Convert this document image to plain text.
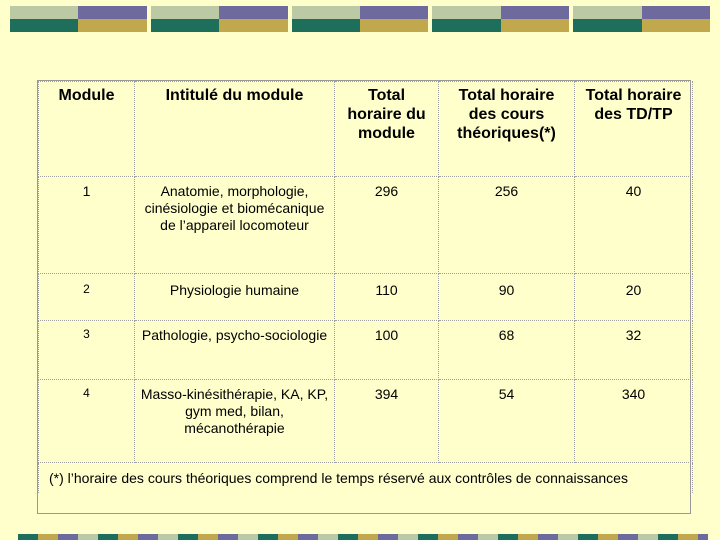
Module	Intitulé du module	Total horaire du module	Total horaire des cours théoriques(*)	Total horaire des TD/TP
1	Anatomie, morphologie, cinésiologie et biomécanique de l’appareil locomoteur	296	256	40
2	Physiologie humaine	110	90	20
3	Pathologie, psycho-sociologie	100	68	32
4	Masso-kinésithérapie, KA, KP, gym med, bilan, mécanothérapie	394	54	340
(*) l’horaire des cours théoriques comprend le temps réservé aux contrôles de connaissances				
